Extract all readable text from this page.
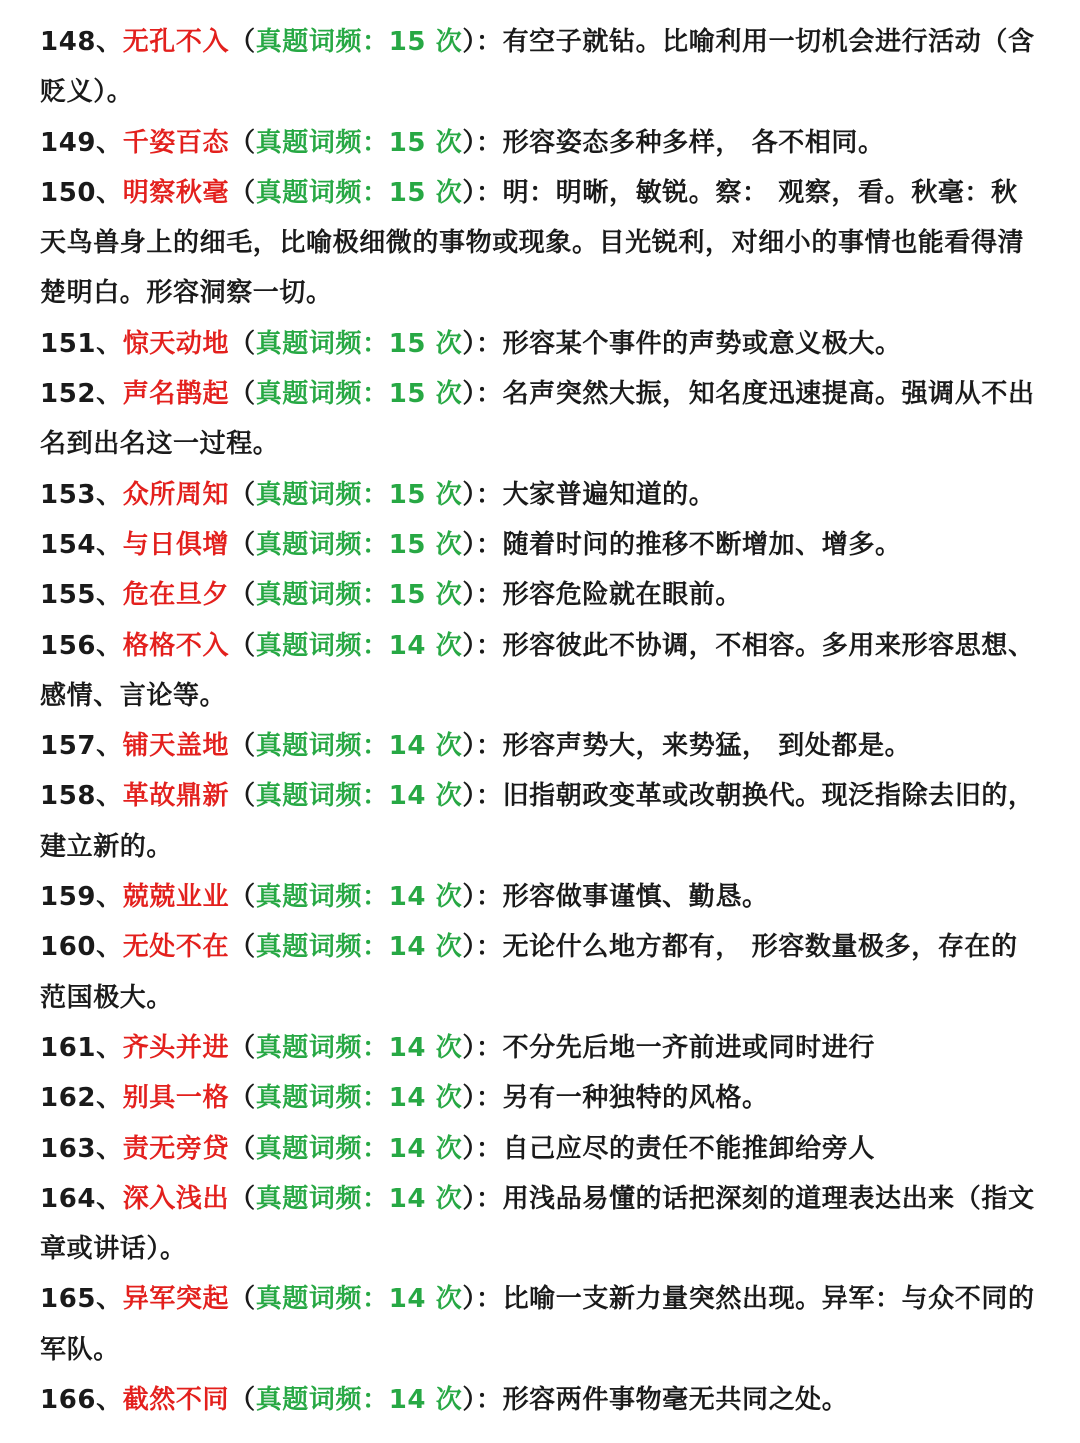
148、无孔不入（真题词频：15 次）：有空子就钻。比喻利用一切机会进行活动（含贬义）。

149、千姿百态（真题词频：15 次）：形容姿态多种多样， 各不相同。

150、明察秋毫（真题词频：15 次）：明：明晰，敏锐。察： 观察，看。秋毫：秋天鸟兽身上的细毛，比喻极细微的事物或现象。目光锐利，对细小的事情也能看得清楚明白。形容洞察一切。

151、惊天动地（真题词频：15 次）：形容某个事件的声势或意义极大。

152、声名鹊起（真题词频：15 次）：名声突然大振，知名度迅速提高。强调从不出名到出名这一过程。

153、众所周知（真题词频：15 次）：大家普遍知道的。

154、与日俱增（真题词频：15 次）：随着时问的推移不断增加、增多。

155、危在旦夕（真题词频：15 次）：形容危险就在眼前。

156、格格不入（真题词频：14 次）：形容彼此不协调，不相容。多用来形容思想、感情、言论等。

157、铺天盖地（真题词频：14 次）：形容声势大，来势猛， 到处都是。

158、革故鼎新（真题词频：14 次）：旧指朝政变革或改朝换代。现泛指除去旧的，建立新的。

159、兢兢业业（真题词频：14 次）：形容做事谨慎、勤恳。

160、无处不在（真题词频：14 次）：无论什么地方都有， 形容数量极多，存在的范国极大。

161、齐头并进（真题词频：14 次）：不分先后地一齐前进或同时进行

162、别具一格（真题词频：14 次）：另有一种独特的风格。

163、责无旁贷（真题词频：14 次）：自己应尽的责任不能推卸给旁人

164、深入浅出（真题词频：14 次）：用浅品易懂的话把深刻的道理表达出来（指文章或讲话）。

165、异军突起（真题词频：14 次）：比喻一支新力量突然出现。异军：与众不同的军队。

166、截然不同（真题词频：14 次）：形容两件事物毫无共同之处。
